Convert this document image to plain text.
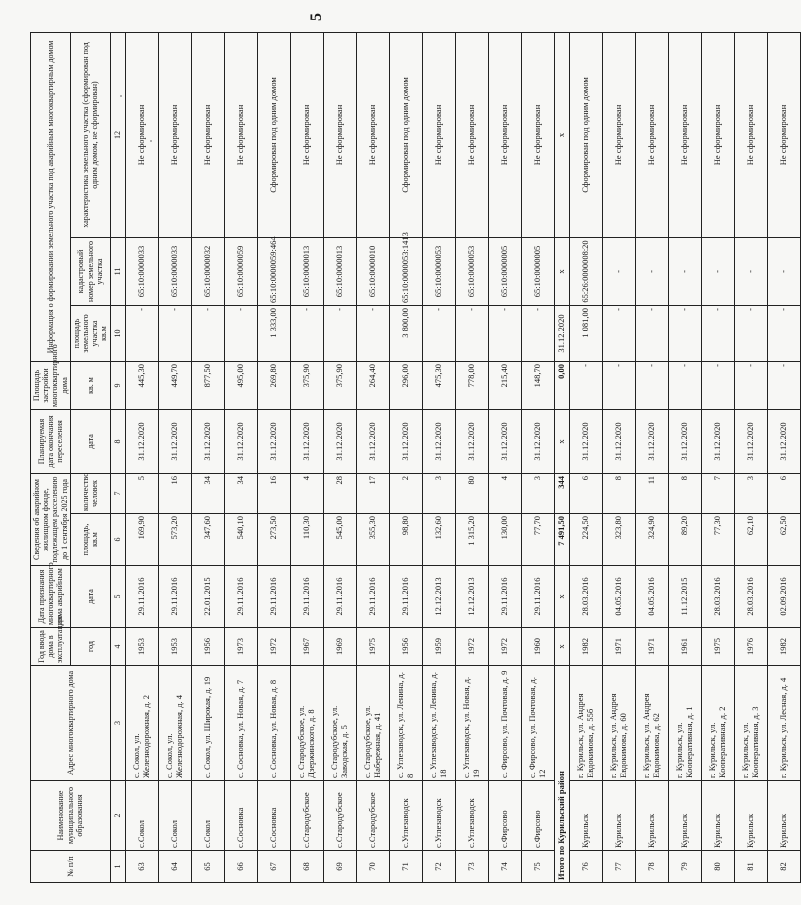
5
№ п/п	Наименование муниципального образования	Адрес многоквартирного дома	Год ввода дома в эксплуатацию	Дата признания многоквартирного дома аварийным	Сведения об аварийном жилищном фонде, подлежащем расселению до 1 сентября 2025 года		Планируемая дата окончания переселения	Площадь застройки многоквартирного дома	Информация о формировании земельного участка под аварийным многоквартирным домом		
			год	дата	площадь, кв.м	количество человек	дата	кв. м	площадь земельного участка
кв.м	кадастровый номер земельного участка	характеристика земельного участка (сформирован под одним домом, не сформирован)
1	2	3	4	5	6	7	8	9	10	11	12
63	с.Сокол	с. Сокол, ул. Железнодорожная, д. 2	1953	29.11.2016	169,90	5	31.12.2020	445,30	-	65:10:0000033	Не сформирован
64	с.Сокол	с. Сокол, ул. Железнодорожная, д. 4	1953	29.11.2016	573,20	16	31.12.2020	449,70	-	65:10:0000033	Не сформирован
65	с.Сокол	с. Сокол, ул. Широкая, д. 19	1956	22.01.2015	347,60	34	31.12.2020	877,50	-	65:10:0000032	Не сформирован
66	с.Сосновка	с. Сосновка, ул. Новая, д. 7	1973	29.11.2016	540,10	34	31.12.2020	495,00	-	65:10:0000059	Не сформирован
67	с.Сосновка	с. Сосновка, ул. Новая, д. 8	1972	29.11.2016	273,50	16	31.12.2020	269,80	1 333,00	65:10:0000059:464	Сформирован под одним домом
68	с.Стародубское	с. Стародубское, ул. Дзержинского, д. 8	1967	29.11.2016	110,30	4	31.12.2020	375,90	-	65:10:0000013	Не сформирован
69	с.Стародубское	с. Стародубское, ул. Заводская, д. 5	1969	29.11.2016	545,00	28	31.12.2020	375,90	-	65:10:0000013	Не сформирован
70	с.Стародубское	с. Стародубское, ул. Набережная, д. 41	1975	29.11.2016	355,30	17	31.12.2020	264,40	-	65:10:0000010	Не сформирован
71	с.Углезаводск	с. Углезаводск, ул. Ленина, д. 8	1956	29.11.2016	98,80	2	31.12.2020	296,00	3 800,00	65:10:0000053:1413	Сформирован под одним домом
72	с.Углезаводск	с. Углезаводск, ул. Ленина, д. 18	1959	12.12.2013	132,60	3	31.12.2020	475,30	-	65:10:0000053	Не сформирован
73	с.Углезаводск	с. Углезаводск, ул. Новая, д. 19	1972	12.12.2013	1 315,20	80	31.12.2020	778,00	-	65:10:0000053	Не сформирован
74	с.Фирсово	с. Фирсово, ул. Почтовая, д. 9	1972	29.11.2016	130,00	4	31.12.2020	215,40	-	65:10:0000005	Не сформирован
75	с.Фирсово	с. Фирсово, ул. Почтовая, д. 12	1960	29.11.2016	77,70	3	31.12.2020	148,70	-	65:10:0000005	Не сформирован
Итого по Курильский район			x	x	7 491,50	344	x	0,00	31.12.2020	x	x
76	Курильск	г. Курильск, ул. Андрея Евдокимова, д. 55б	1982	28.03.2016	224,50	6	31.12.2020	-	1 081,00	65:26:0000008:20	Сформирован под одним домом
77	Курильск	г. Курильск, ул. Андрея Евдокимова, д. 60	1971	04.05.2016	323,80	8	31.12.2020	-	-	-	Не сформирован
78	Курильск	г. Курильск, ул. Андрея Евдокимова, д. 62	1971	04.05.2016	324,90	11	31.12.2020	-	-	-	Не сформирован
79	Курильск	г. Курильск, ул. Кооперативная, д. 1	1961	11.12.2015	89,20	8	31.12.2020	-	-	-	Не сформирован
80	Курильск	г. Курильск, ул. Кооперативная, д. 2	1975	28.03.2016	77,30	7	31.12.2020	-	-	-	Не сформирован
81	Курильск	г. Курильск, ул. Кооперативная, д. 3	1976	28.03.2016	62,10	3	31.12.2020	-	-	-	Не сформирован
82	Курильск	г. Курильск, ул. Лесная, д. 4	1982	02.09.2016	62,50	6	31.12.2020	-	-	-	Не сформирован
